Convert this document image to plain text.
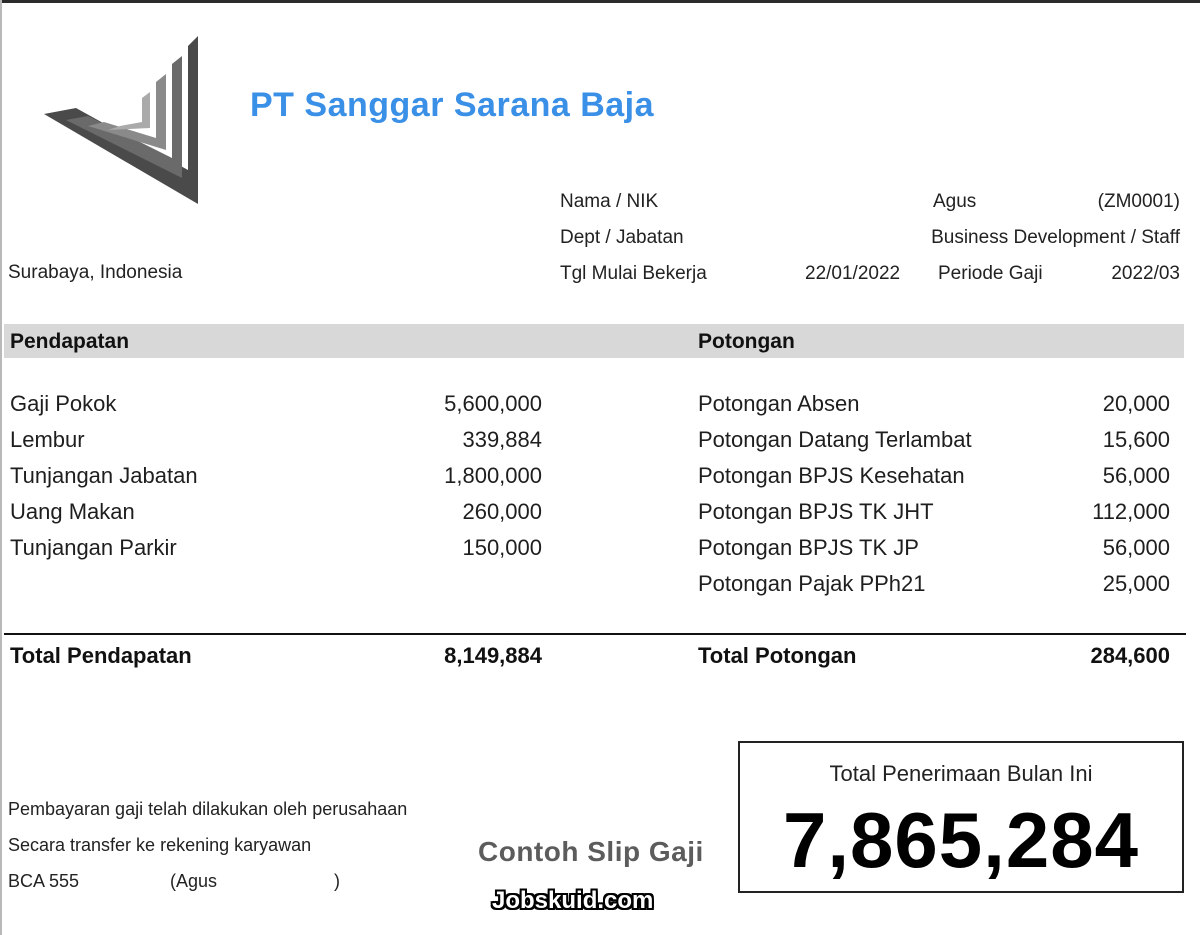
PT Sanggar Sarana Baja
Surabaya, Indonesia
Nama / NIK	Agus	(ZM0001)
Dept / Jabatan	Business Development / Staff
Tgl Mulai Bekerja	22/01/2022 Periode Gaji	2022/03
Pendapatan	Potongan
Gaji Pokok	5,600,000
Lembur	339,884
Tunjangan Jabatan	1,800,000
Uang Makan	260,000
Tunjangan Parkir	150,000
Potongan Absen	20,000
Potongan Datang Terlambat	15,600
Potongan BPJS Kesehatan	56,000
Potongan BPJS TK JHT	112,000
Potongan BPJS TK JP	56,000
Potongan Pajak PPh21	25,000
Total Pendapatan	8,149,884	Total Potongan	284,600
Pembayaran gaji telah dilakukan oleh perusahaan
Secara transfer ke rekening karyawan
BCA 555	(Agus	)
Total Penerimaan Bulan Ini
7,865,284
Contoh Slip Gaji
Jobskuid.com
